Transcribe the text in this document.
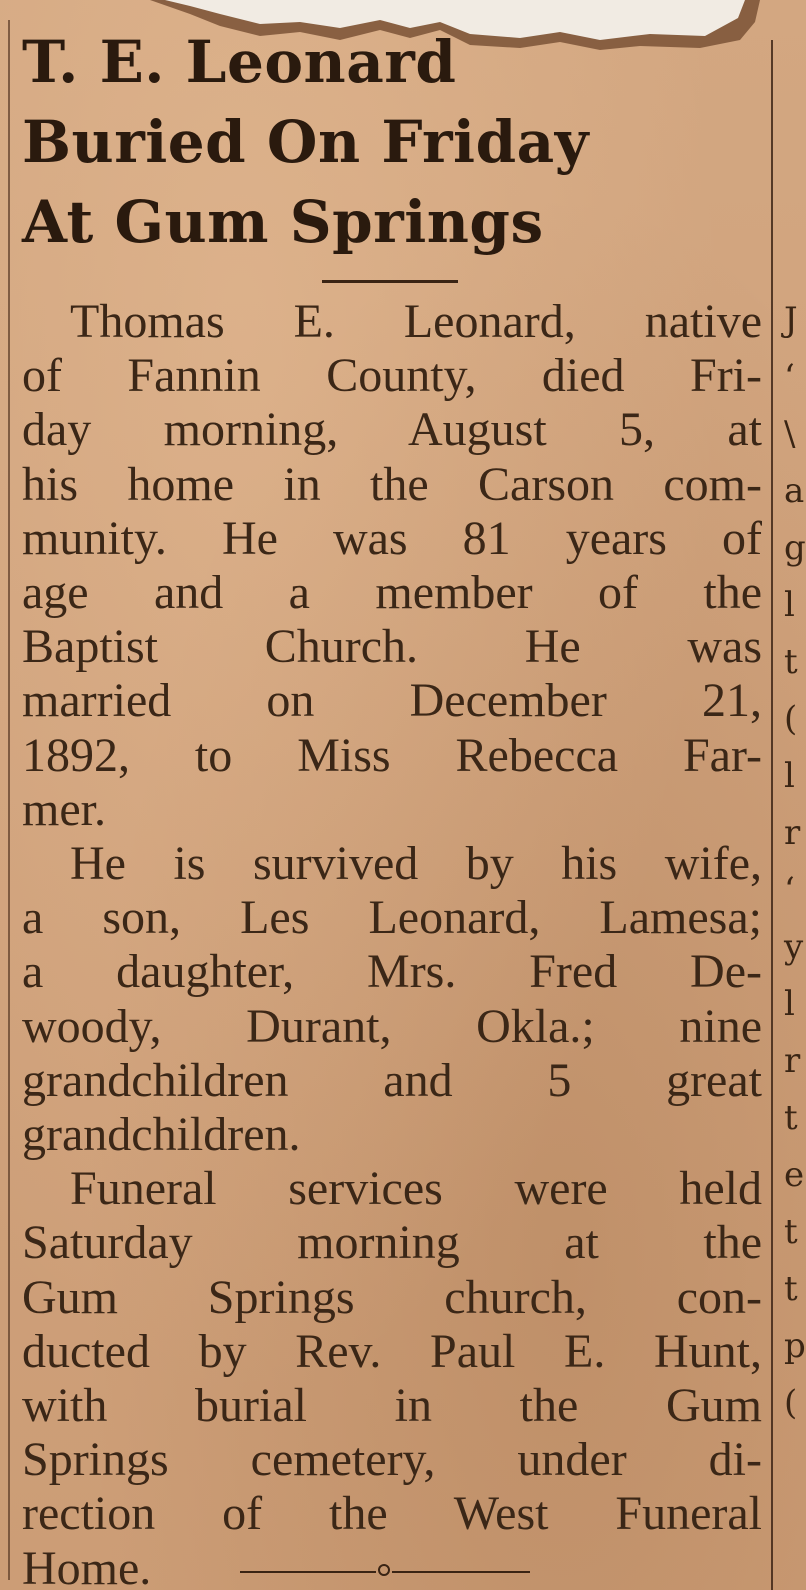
J
‘
\
a
g
l
t
(
l
r
‘
y
l
r
t
e
t
t
p
(
T. E. Leonard
Buried On Friday
At Gum Springs
Thomas E. Leonard, native
of Fannin County, died Fri-
day morning, August 5, at
his home in the Carson com-
munity. He was 81 years of
age and a member of the
Baptist Church. He was
married on December 21,
1892, to Miss Rebecca Far-
mer.
He is survived by his wife,
a son, Les Leonard, Lamesa;
a daughter, Mrs. Fred De-
woody, Durant, Okla.; nine
grandchildren and 5 great
grandchildren.
Funeral services were held
Saturday morning at the
Gum Springs church, con-
ducted by Rev. Paul E. Hunt,
with burial in the Gum
Springs cemetery, under di-
rection of the West Funeral
Home.
